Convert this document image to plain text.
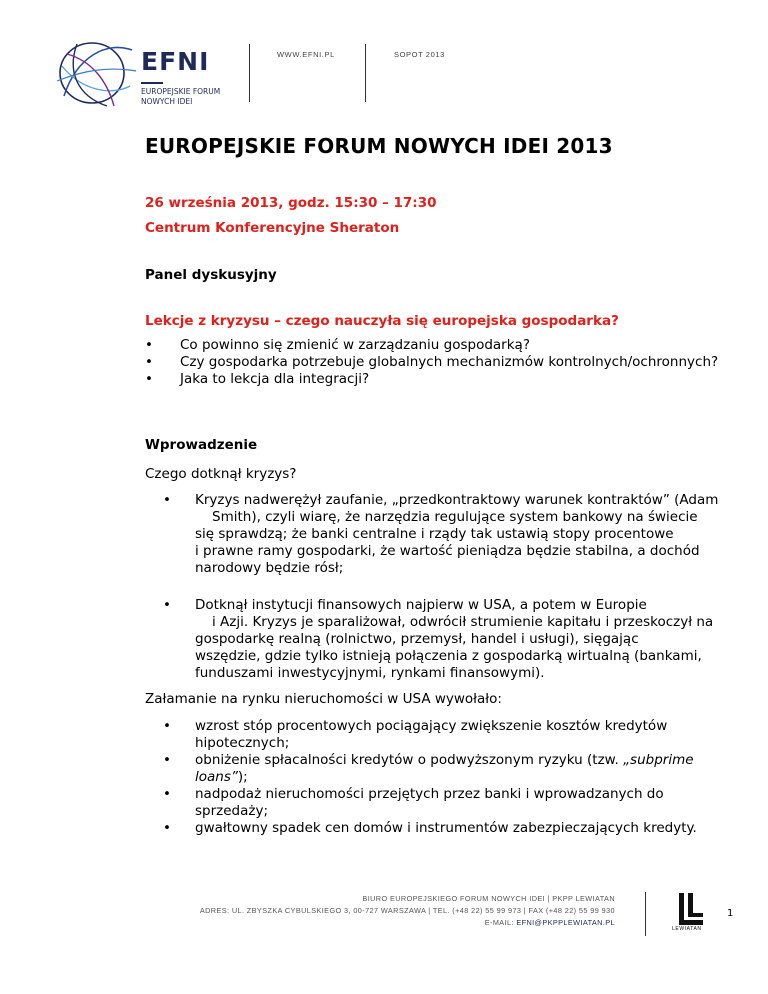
EFNI
EUROPEJSKIE FORUM
NOWYCH IDEI
WWW.EFNI.PL	SOPOT 2013
EUROPEJSKIE FORUM NOWYCH IDEI 2013
26 września 2013, godz. 15:30 – 17:30
Centrum Konferencyjne Sheraton
Panel dyskusyjny
Lekcje z kryzysu – czego nauczyła się europejska gospodarka?
• Co powinno się zmienić w zarządzaniu gospodarką?
• Czy gospodarka potrzebuje globalnych mechanizmów kontrolnych/ochronnych?
• Jaka to lekcja dla integracji?
Wprowadzenie
Czego dotknął kryzys?
•	Kryzys nadwerężył zaufanie, „przedkontraktowy warunek kontraktów” (Adam
Smith), czyli wiarę, że narzędzia regulujące system bankowy na świecie
się sprawdzą; że banki centralne i rządy tak ustawią stopy procentowe
i prawne ramy gospodarki, że wartość pieniądza będzie stabilna, a dochód
narodowy będzie rósł;
•	Dotknął instytucji finansowych najpierw w USA, a potem w Europie
i Azji. Kryzys je sparaliżował, odwrócił strumienie kapitału i przeskoczył na
gospodarkę realną (rolnictwo, przemysł, handel i usługi), sięgając
wszędzie, gdzie tylko istnieją połączenia z gospodarką wirtualną (bankami,
funduszami inwestycyjnymi, rynkami finansowymi).
Załamanie na rynku nieruchomości w USA wywołało:
• wzrost stóp procentowych pociągający zwiększenie kosztów kredytów
hipotecznych;
• obniżenie spłacalności kredytów o podwyższonym ryzyku (tzw. „subprime
loans”);
• nadpodaż nieruchomości przejętych przez banki i wprowadzanych do
sprzedaży;
• gwałtowny spadek cen domów i instrumentów zabezpieczających kredyty.
BIURO EUROPEJSKIEGO FORUM NOWYCH IDEI | PKPP LEWIATAN
ADRES: UL. ZBYSZKA CYBULSKIEGO 3, 00-727 WARSZAWA | TEL. (+48 22) 55 99 973 | FAX (+48 22) 55 99 930
E-MAIL: EFNI@PKPPLEWIATAN.PL
LEWIATAN
1
